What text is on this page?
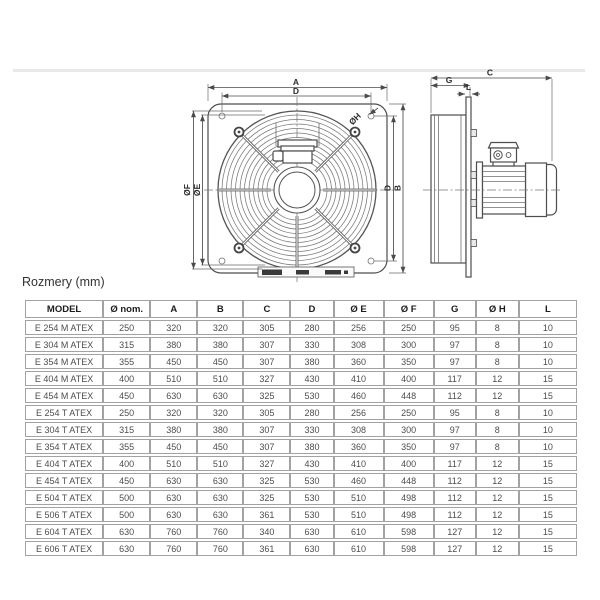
A
D
ØF ØE	D B
ØH
C
G
L
Rozmery (mm)
MODEL	Ø nom.	A	B	C	D	Ø E	Ø F	G	Ø H	L
E 254 M ATEX	250	320	320	305	280	256	250	95	8	10
E 304 M ATEX	315	380	380	307	330	308	300	97	8	10
E 354 M ATEX	355	450	450	307	380	360	350	97	8	10
E 404 M ATEX	400	510	510	327	430	410	400	117	12	15
E 454 M ATEX	450	630	630	325	530	460	448	112	12	15
E 254 T ATEX	250	320	320	305	280	256	250	95	8	10
E 304 T ATEX	315	380	380	307	330	308	300	97	8	10
E 354 T ATEX	355	450	450	307	380	360	350	97	8	10
E 404 T ATEX	400	510	510	327	430	410	400	117	12	15
E 454 T ATEX	450	630	630	325	530	460	448	112	12	15
E 504 T ATEX	500	630	630	325	530	510	498	112	12	15
E 506 T ATEX	500	630	630	361	530	510	498	112	12	15
E 604 T ATEX	630	760	760	340	630	610	598	127	12	15
E 606 T ATEX	630	760	760	361	630	610	598	127	12	15
